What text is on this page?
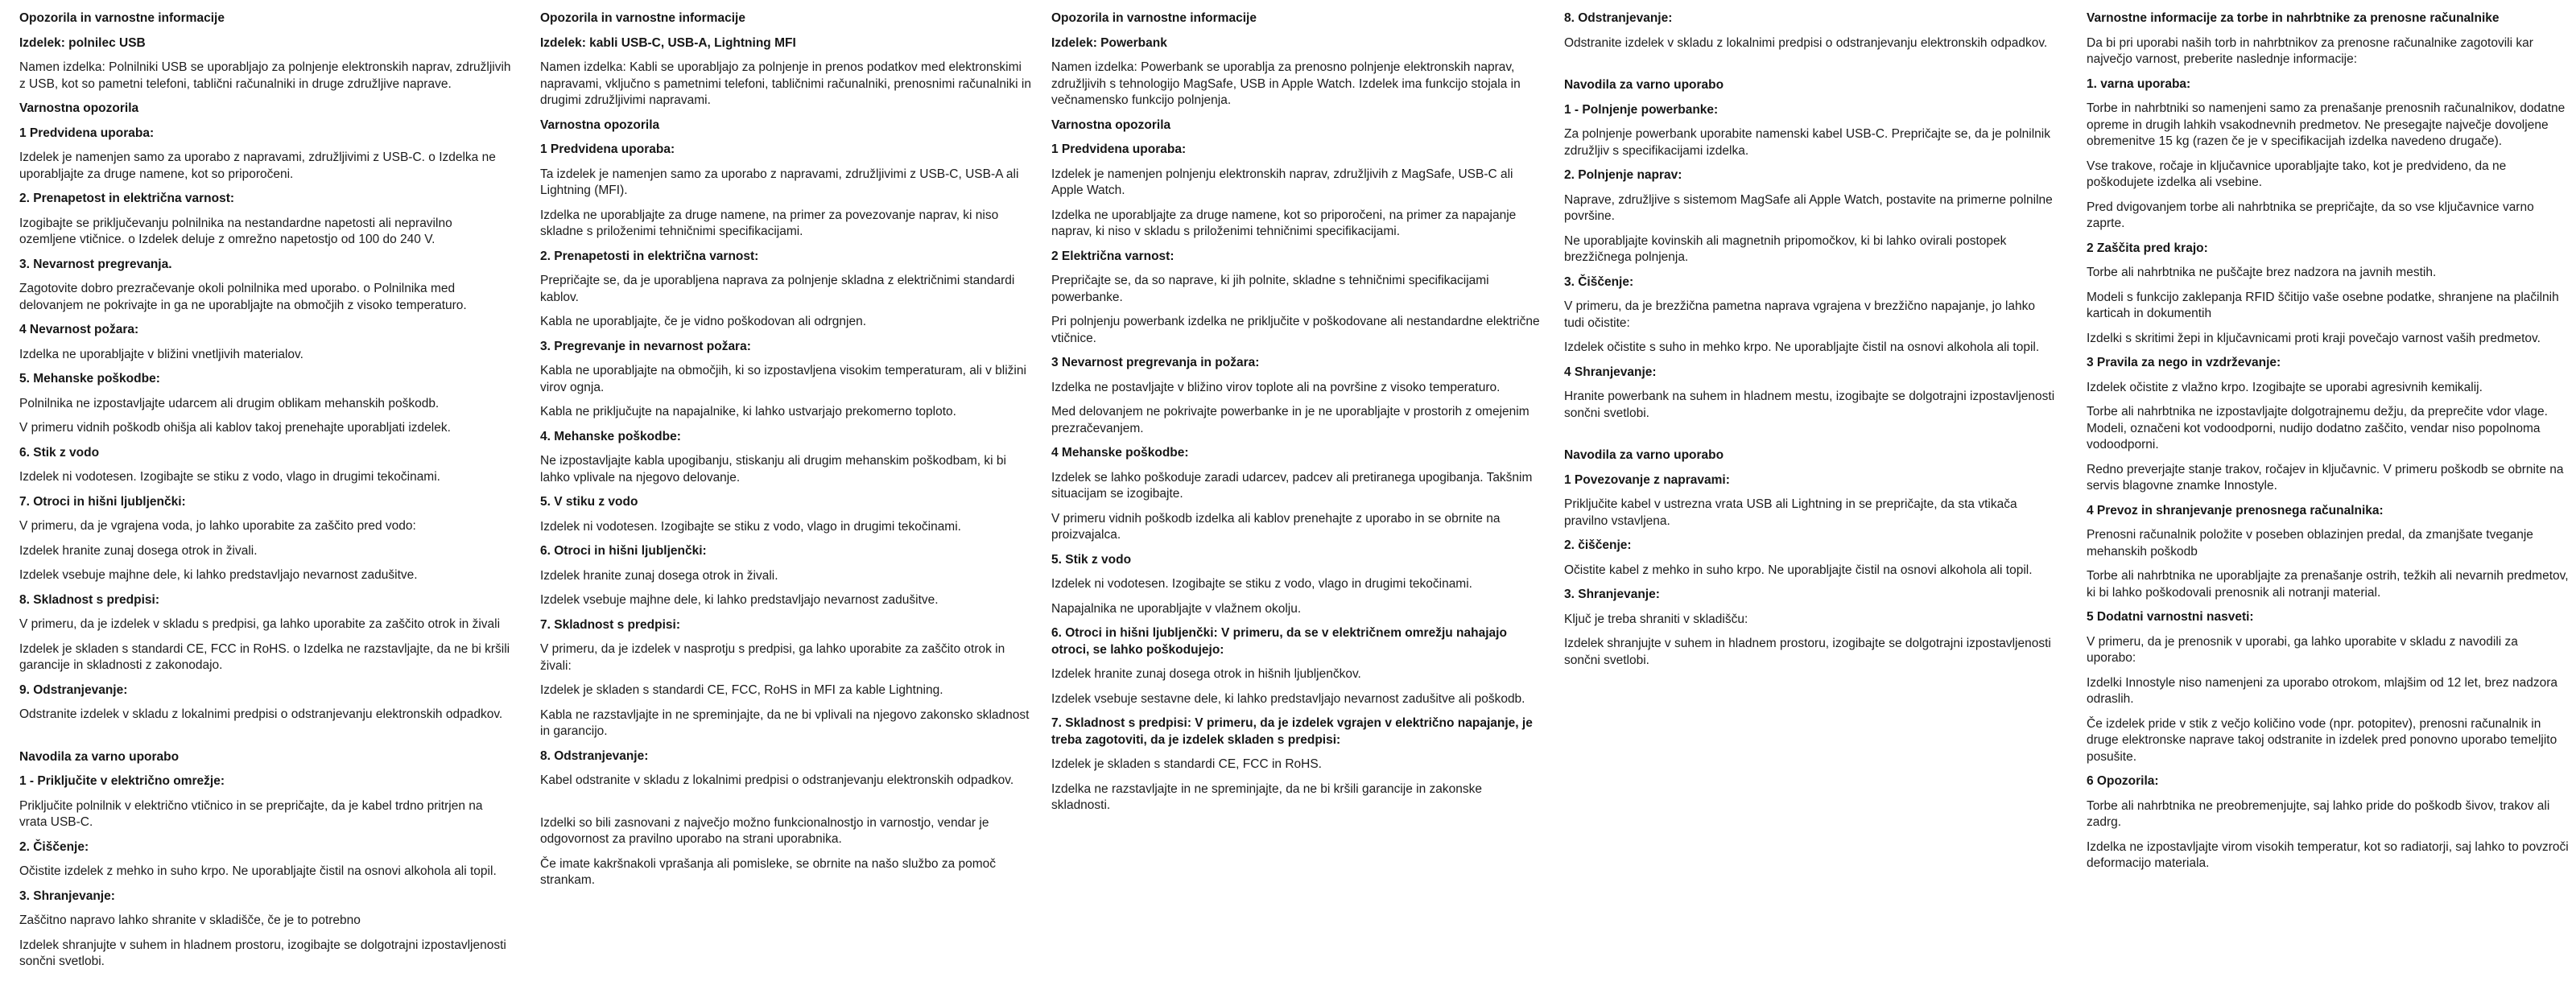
Opozorila in varnostne informacije

Izdelek: polnilec USB

Namen izdelka: Polnilniki USB se uporabljajo za polnjenje elektronskih naprav, združljivih z USB, kot so pametni telefoni, tablični računalniki in druge združljive naprave.

Varnostna opozorila

1 Predvidena uporaba:

Izdelek je namenjen samo za uporabo z napravami, združljivimi z USB-C. o Izdelka ne uporabljajte za druge namene, kot so priporočeni.

2. Prenapetost in električna varnost:

Izogibajte se priključevanju polnilnika na nestandardne napetosti ali nepravilno ozemljene vtičnice. o Izdelek deluje z omrežno napetostjo od 100 do 240 V.

3. Nevarnost pregrevanja.

Zagotovite dobro prezračevanje okoli polnilnika med uporabo. o Polnilnika med delovanjem ne pokrivajte in ga ne uporabljajte na območjih z visoko temperaturo.

4 Nevarnost požara:

Izdelka ne uporabljajte v bližini vnetljivih materialov.

5. Mehanske poškodbe:

Polnilnika ne izpostavljajte udarcem ali drugim oblikam mehanskih poškodb.

V primeru vidnih poškodb ohišja ali kablov takoj prenehajte uporabljati izdelek.

6. Stik z vodo

Izdelek ni vodotesen. Izogibajte se stiku z vodo, vlago in drugimi tekočinami.

7. Otroci in hišni ljubljenčki:

V primeru, da je vgrajena voda, jo lahko uporabite za zaščito pred vodo:

Izdelek hranite zunaj dosega otrok in živali.

Izdelek vsebuje majhne dele, ki lahko predstavljajo nevarnost zadušitve.

8. Skladnost s predpisi:

V primeru, da je izdelek v skladu s predpisi, ga lahko uporabite za zaščito otrok in živali

Izdelek je skladen s standardi CE, FCC in RoHS. o Izdelka ne razstavljajte, da ne bi kršili garancije in skladnosti z zakonodajo.

9. Odstranjevanje:

Odstranite izdelek v skladu z lokalnimi predpisi o odstranjevanju elektronskih odpadkov.

Navodila za varno uporabo

1 - Priključite v električno omrežje:

Priključite polnilnik v električno vtičnico in se prepričajte, da je kabel trdno pritrjen na vrata USB-C.

2. Čiščenje:

Očistite izdelek z mehko in suho krpo. Ne uporabljajte čistil na osnovi alkohola ali topil.

3. Shranjevanje:

Zaščitno napravo lahko shranite v skladišče, če je to potrebno

Izdelek shranjujte v suhem in hladnem prostoru, izogibajte se dolgotrajni izpostavljenosti sončni svetlobi.

Opozorila in varnostne informacije

Izdelek: kabli USB-C, USB-A, Lightning MFI

Namen izdelka: Kabli se uporabljajo za polnjenje in prenos podatkov med elektronskimi napravami, vključno s pametnimi telefoni, tabličnimi računalniki, prenosnimi računalniki in drugimi združljivimi napravami.

Varnostna opozorila

1 Predvidena uporaba:

Ta izdelek je namenjen samo za uporabo z napravami, združljivimi z USB-C, USB-A ali Lightning (MFI).

Izdelka ne uporabljajte za druge namene, na primer za povezovanje naprav, ki niso skladne s priloženimi tehničnimi specifikacijami.

2. Prenapetosti in električna varnost:

Prepričajte se, da je uporabljena naprava za polnjenje skladna z električnimi standardi kablov.

Kabla ne uporabljajte, če je vidno poškodovan ali odrgnjen.

3. Pregrevanje in nevarnost požara:

Kabla ne uporabljajte na območjih, ki so izpostavljena visokim temperaturam, ali v bližini virov ognja.

Kabla ne priključujte na napajalnike, ki lahko ustvarjajo prekomerno toploto.

4. Mehanske poškodbe:

Ne izpostavljajte kabla upogibanju, stiskanju ali drugim mehanskim poškodbam, ki bi lahko vplivale na njegovo delovanje.

5. V stiku z vodo

Izdelek ni vodotesen. Izogibajte se stiku z vodo, vlago in drugimi tekočinami.

6. Otroci in hišni ljubljenčki:

Izdelek hranite zunaj dosega otrok in živali.

Izdelek vsebuje majhne dele, ki lahko predstavljajo nevarnost zadušitve.

7. Skladnost s predpisi:

V primeru, da je izdelek v nasprotju s predpisi, ga lahko uporabite za zaščito otrok in živali:

Izdelek je skladen s standardi CE, FCC, RoHS in MFI za kable Lightning.

Kabla ne razstavljajte in ne spreminjajte, da ne bi vplivali na njegovo zakonsko skladnost in garancijo.

8. Odstranjevanje:

Kabel odstranite v skladu z lokalnimi predpisi o odstranjevanju elektronskih odpadkov.

Izdelki so bili zasnovani z največjo možno funkcionalnostjo in varnostjo, vendar je odgovornost za pravilno uporabo na strani uporabnika.

Če imate kakršnakoli vprašanja ali pomisleke, se obrnite na našo službo za pomoč strankam.

Opozorila in varnostne informacije

Izdelek: Powerbank

Namen izdelka: Powerbank se uporablja za prenosno polnjenje elektronskih naprav, združljivih s tehnologijo MagSafe, USB in Apple Watch. Izdelek ima funkcijo stojala in večnamensko funkcijo polnjenja.

Varnostna opozorila

1 Predvidena uporaba:

Izdelek je namenjen polnjenju elektronskih naprav, združljivih z MagSafe, USB-C ali Apple Watch.

Izdelka ne uporabljajte za druge namene, kot so priporočeni, na primer za napajanje naprav, ki niso v skladu s priloženimi tehničnimi specifikacijami.

2 Električna varnost:

Prepričajte se, da so naprave, ki jih polnite, skladne s tehničnimi specifikacijami powerbanke.

Pri polnjenju powerbank izdelka ne priključite v poškodovane ali nestandardne električne vtičnice.

3 Nevarnost pregrevanja in požara:

Izdelka ne postavljajte v bližino virov toplote ali na površine z visoko temperaturo.

Med delovanjem ne pokrivajte powerbanke in je ne uporabljajte v prostorih z omejenim prezračevanjem.

4 Mehanske poškodbe:

Izdelek se lahko poškoduje zaradi udarcev, padcev ali pretiranega upogibanja. Takšnim situacijam se izogibajte.

V primeru vidnih poškodb izdelka ali kablov prenehajte z uporabo in se obrnite na proizvajalca.

5. Stik z vodo

Izdelek ni vodotesen. Izogibajte se stiku z vodo, vlago in drugimi tekočinami.

Napajalnika ne uporabljajte v vlažnem okolju.

6. Otroci in hišni ljubljenčki: V primeru, da se v električnem omrežju nahajajo otroci, se lahko poškodujejo:

Izdelek hranite zunaj dosega otrok in hišnih ljubljenčkov.

Izdelek vsebuje sestavne dele, ki lahko predstavljajo nevarnost zadušitve ali poškodb.

7. Skladnost s predpisi: V primeru, da je izdelek vgrajen v električno napajanje, je treba zagotoviti, da je izdelek skladen s predpisi:

Izdelek je skladen s standardi CE, FCC in RoHS.

Izdelka ne razstavljajte in ne spreminjajte, da ne bi kršili garancije in zakonske skladnosti.

8. Odstranjevanje:

Odstranite izdelek v skladu z lokalnimi predpisi o odstranjevanju elektronskih odpadkov.

Navodila za varno uporabo

1 - Polnjenje powerbanke:

Za polnjenje powerbank uporabite namenski kabel USB-C. Prepričajte se, da je polnilnik združljiv s specifikacijami izdelka.

2. Polnjenje naprav:

Naprave, združljive s sistemom MagSafe ali Apple Watch, postavite na primerne polnilne površine.

Ne uporabljajte kovinskih ali magnetnih pripomočkov, ki bi lahko ovirali postopek brezžičnega polnjenja.

3. Čiščenje:

V primeru, da je brezžična pametna naprava vgrajena v brezžično napajanje, jo lahko tudi očistite:

Izdelek očistite s suho in mehko krpo. Ne uporabljajte čistil na osnovi alkohola ali topil.

4 Shranjevanje:

Hranite powerbank na suhem in hladnem mestu, izogibajte se dolgotrajni izpostavljenosti sončni svetlobi.

Navodila za varno uporabo

1 Povezovanje z napravami:

Priključite kabel v ustrezna vrata USB ali Lightning in se prepričajte, da sta vtikača pravilno vstavljena.

2. čiščenje:

Očistite kabel z mehko in suho krpo. Ne uporabljajte čistil na osnovi alkohola ali topil.

3. Shranjevanje:

Ključ je treba shraniti v skladišču:

Izdelek shranjujte v suhem in hladnem prostoru, izogibajte se dolgotrajni izpostavljenosti sončni svetlobi.

Varnostne informacije za torbe in nahrbtnike za prenosne računalnike

Da bi pri uporabi naših torb in nahrbtnikov za prenosne računalnike zagotovili kar največjo varnost, preberite naslednje informacije:

1. varna uporaba:

Torbe in nahrbtniki so namenjeni samo za prenašanje prenosnih računalnikov, dodatne opreme in drugih lahkih vsakodnevnih predmetov. Ne presegajte največje dovoljene obremenitve 15 kg (razen če je v specifikacijah izdelka navedeno drugače).

Vse trakove, ročaje in ključavnice uporabljajte tako, kot je predvideno, da ne poškodujete izdelka ali vsebine.

Pred dvigovanjem torbe ali nahrbtnika se prepričajte, da so vse ključavnice varno zaprte.

2 Zaščita pred krajo:

Torbe ali nahrbtnika ne puščajte brez nadzora na javnih mestih.

Modeli s funkcijo zaklepanja RFID ščitijo vaše osebne podatke, shranjene na plačilnih karticah in dokumentih

Izdelki s skritimi žepi in ključavnicami proti kraji povečajo varnost vaših predmetov.

3 Pravila za nego in vzdrževanje:

Izdelek očistite z vlažno krpo. Izogibajte se uporabi agresivnih kemikalij.

Torbe ali nahrbtnika ne izpostavljajte dolgotrajnemu dežju, da preprečite vdor vlage. Modeli, označeni kot vodoodporni, nudijo dodatno zaščito, vendar niso popolnoma vodoodporni.

Redno preverjajte stanje trakov, ročajev in ključavnic. V primeru poškodb se obrnite na servis blagovne znamke Innostyle.

4 Prevoz in shranjevanje prenosnega računalnika:

Prenosni računalnik položite v poseben oblazinjen predal, da zmanjšate tveganje mehanskih poškodb

Torbe ali nahrbtnika ne uporabljajte za prenašanje ostrih, težkih ali nevarnih predmetov, ki bi lahko poškodovali prenosnik ali notranji material.

5 Dodatni varnostni nasveti:

V primeru, da je prenosnik v uporabi, ga lahko uporabite v skladu z navodili za uporabo:

Izdelki Innostyle niso namenjeni za uporabo otrokom, mlajšim od 12 let, brez nadzora odraslih.

Če izdelek pride v stik z večjo količino vode (npr. potopitev), prenosni računalnik in druge elektronske naprave takoj odstranite in izdelek pred ponovno uporabo temeljito posušite.

6 Opozorila:

Torbe ali nahrbtnika ne preobremenjujte, saj lahko pride do poškodb šivov, trakov ali zadrg.

Izdelka ne izpostavljajte virom visokih temperatur, kot so radiatorji, saj lahko to povzroči deformacijo materiala.
